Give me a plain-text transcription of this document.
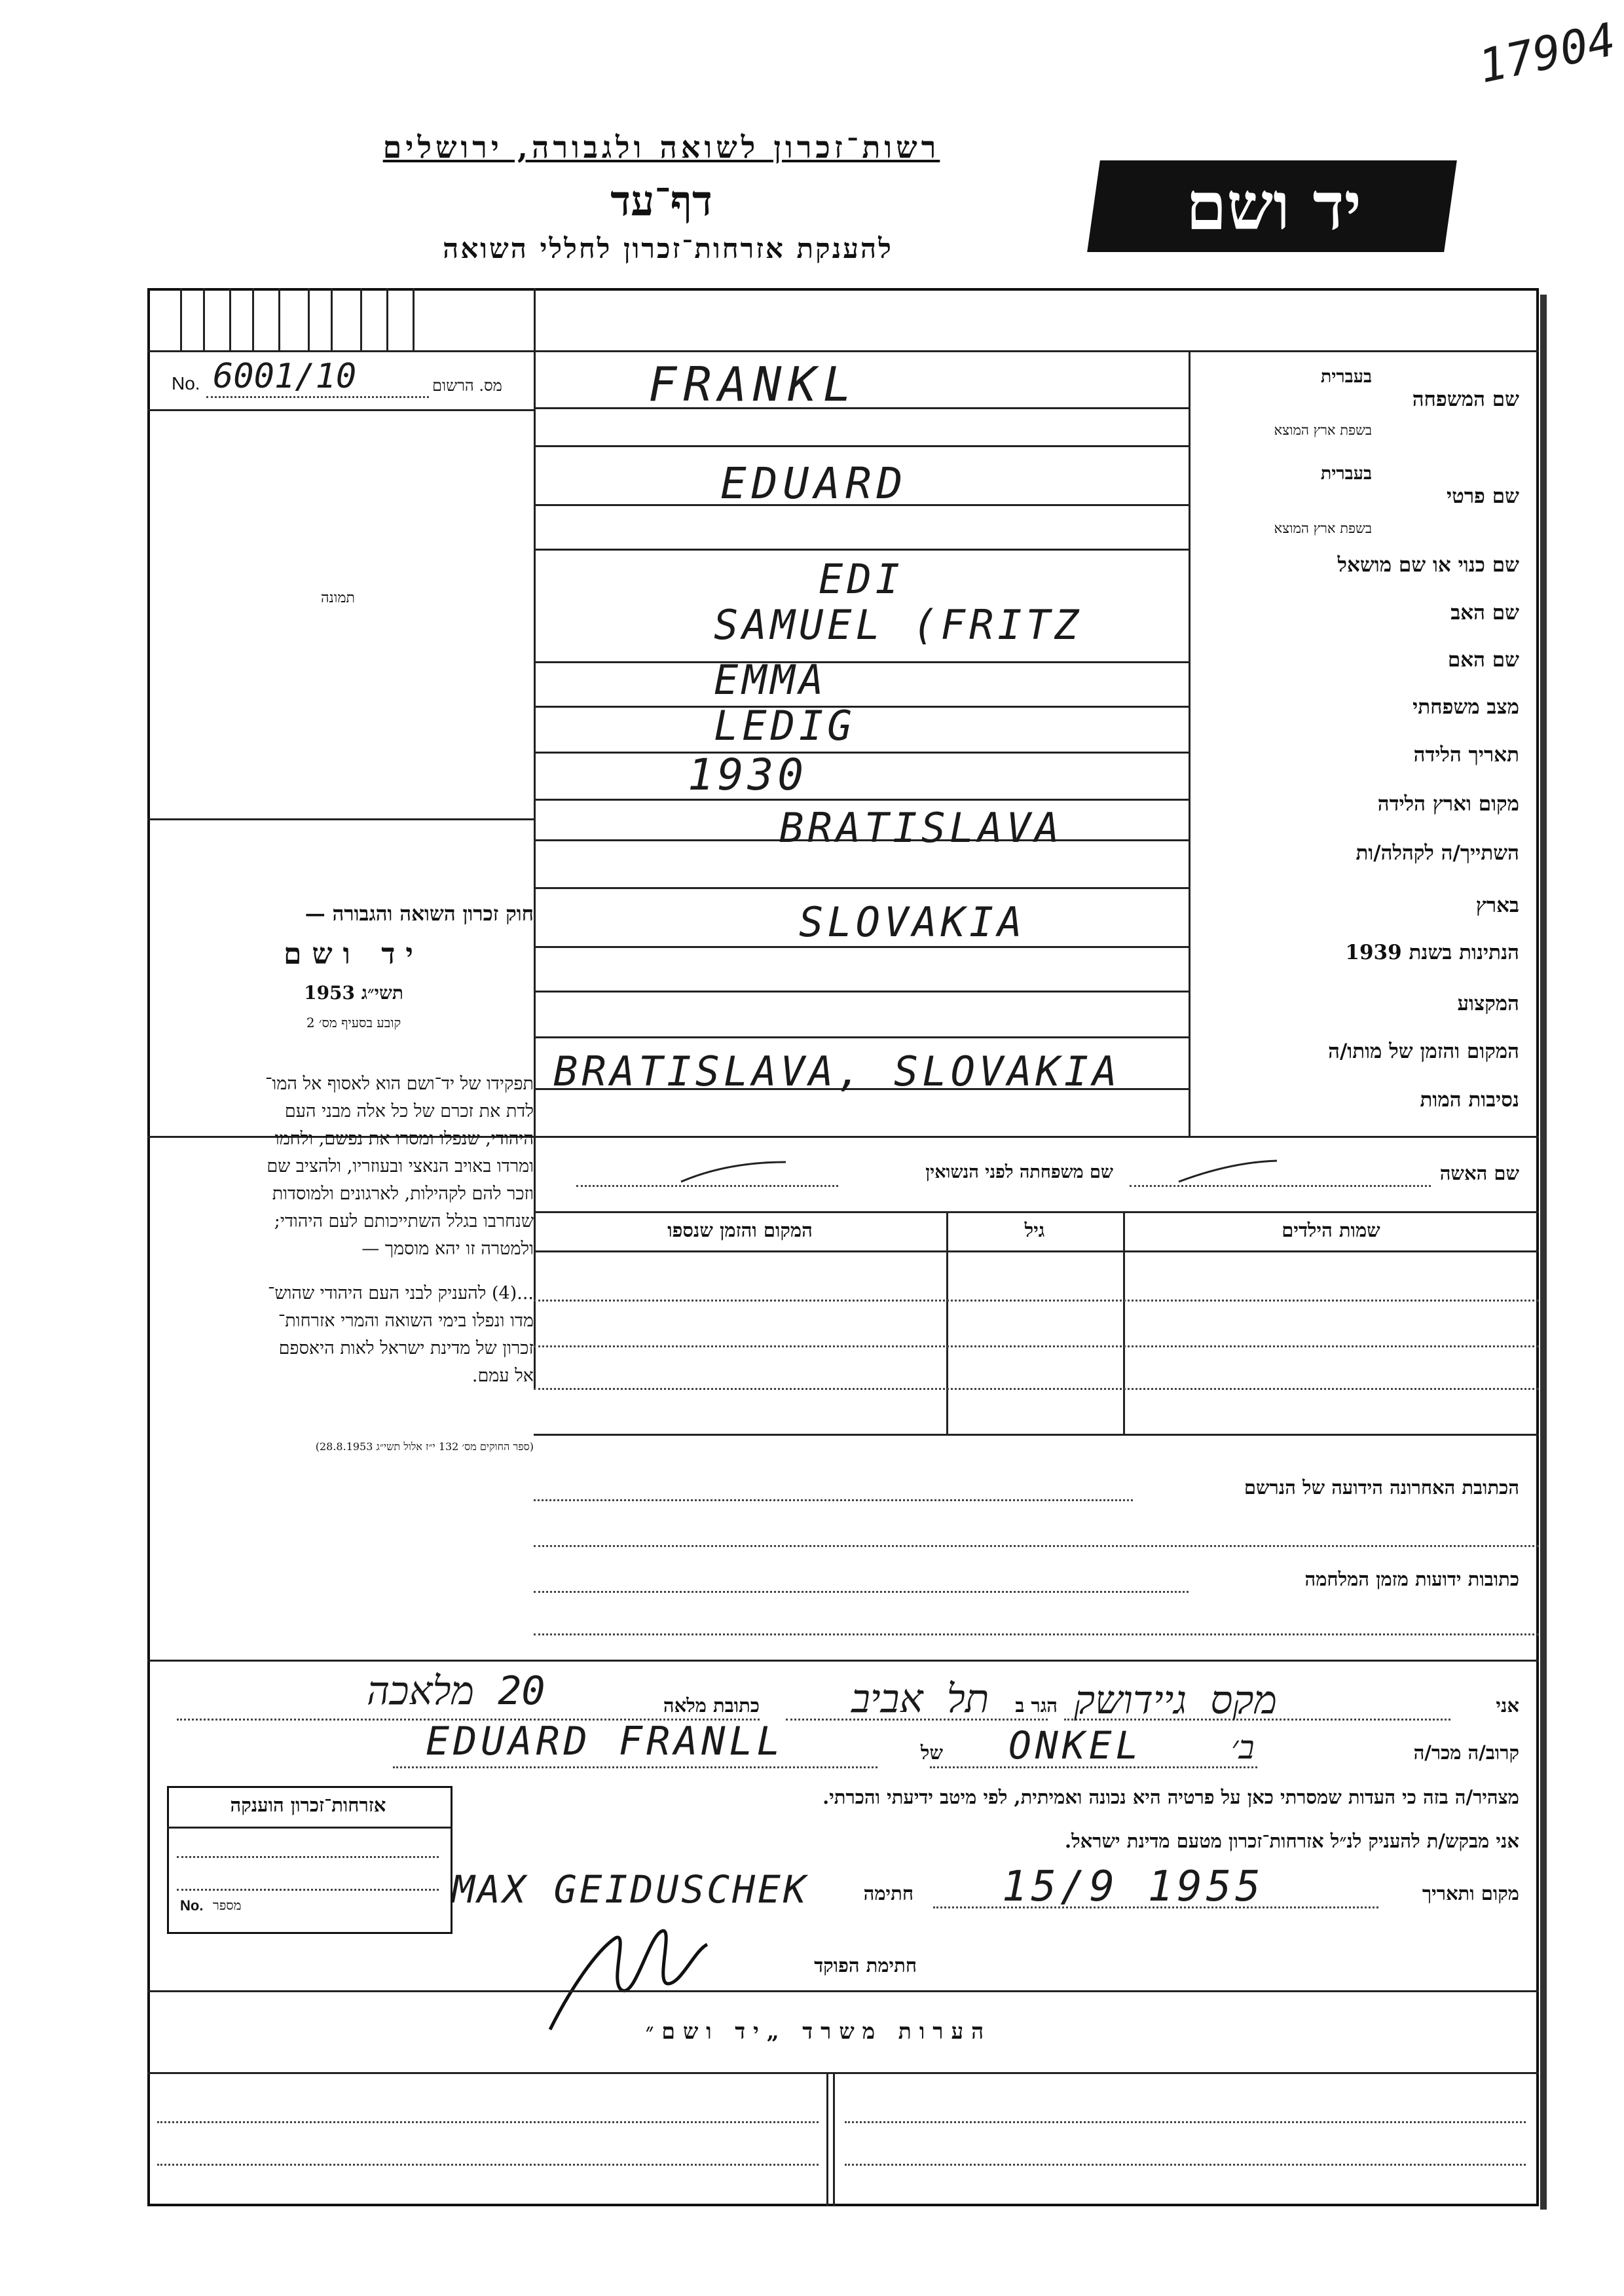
17904
רשות־זכרון לשואה ולגבורה, ירושלים
דף־עד
להענקת אזרחות־זכרון לחללי השואה
יד ושם
No. 6001/10	מס. הרשום
תמונה
שם המשפחה
בעברית
בשפת ארץ המוצא
FRANKL
שם פרטי
בעברית
בשפת ארץ המוצא
EDUARD
שם כנוי או שם מושאל
EDI
שם האב
SAMUEL (FRITZ
שם האם
EMMA
מצב משפחתי
LEDIG
תאריך הלידה
1930
מקום וארץ הלידה
BRATISLAVA
השתייך/ה לקהלה/ות
בארץ
SLOVAKIA
הנתינות בשנת 1939
המקצוע
המקום והזמן של מותו/ה
BRATISLAVA, SLOVAKIA
נסיבות המות
חוק זכרון השואה והגבורה —
יד ושם
תשי״ג 1953
קובע בסעיף מס׳ 2
תפקידו של יד־ושם הוא לאסוף אל המו־
לדת את זכרם של כל אלה מבני העם
היהודי, שנפלו ומסרו את נפשם, ולחמו
ומרדו באויב הנאצי ובעוזריו, ולהציב שם
וזכר להם לקהילות, לארגונים ולמוסדות
שנחרבו בגלל השתייכותם לעם היהודי;
ולמטרה זו יהא מוסמך —
...(4) להעניק לבני העם היהודי שהוש־
מדו ונפלו בימי השואה והמרי אזרחות־
זכרון של מדינת ישראל לאות היאספם
אל עמם.
(ספר החוקים מס׳ 132 י״ז אלול תשי״ג 28.8.1953)
שם האשה
שם משפחתה לפני הנשואין
שמות הילדים
גיל
המקום והזמן שנספו
הכתובת האחרונה הידועה של הנרשם
כתובות ידועות מזמן המלחמה
אני
מקס גיידושק
הגר ב
תל אביב
כתובת מלאה
20 מלאכה
קרוב/ה מכר/ה
ב׳
ONKEL
של
EDUARD FRANLL
מצהיר/ה בזה כי העדות שמסרתי כאן על פרטיה היא נכונה ואמיתית, לפי מיטב ידיעתי והכרתי.
אני מבקש/ת להעניק לנ״ל אזרחות־זכרון מטעם מדינת ישראל.
מקום ותאריך
15/9 1955
חתימה
MAX GEIDUSCHEK
אזרחות־זכרון הוענקה
No. מספר
חתימת הפוקד
הערות משרד „יד ושם״
